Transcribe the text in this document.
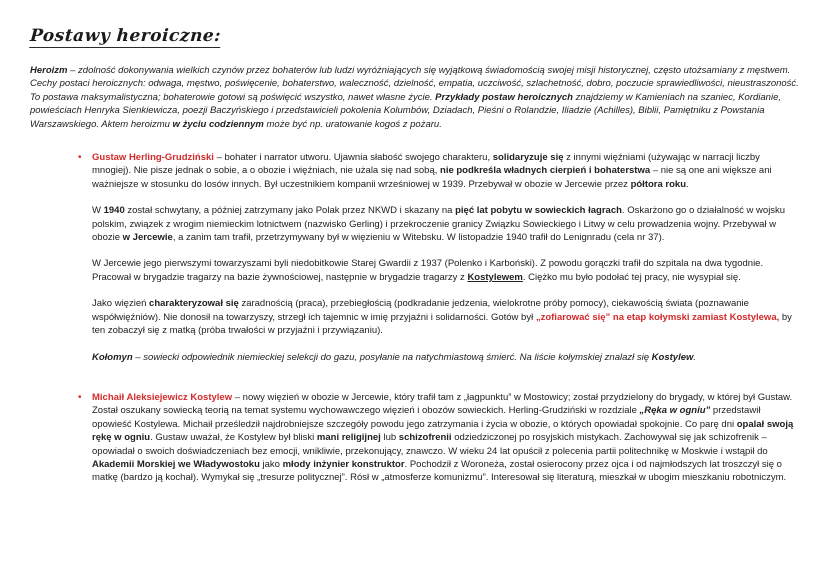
Postawy heroiczne:

Heroizm – zdolność dokonywania wielkich czynów przez bohaterów lub ludzi wyróżniających się wyjątkową świadomością swojej misji historycznej, często utożsamiany z męstwem. Cechy postaci heroicznych: odwaga, męstwo, poświęcenie, bohaterstwo, waleczność, dzielność, empatia, uczciwość, szlachetność, dobro, poczucie sprawiedliwości, nieustraszoność. To postawa maksymalistyczna; bohaterowie gotowi są poświęcić wszystko, nawet własne życie. Przykłady postaw heroicznych znajdziemy w Kamieniach na szaniec, Kordianie, powieściach Henryka Sienkiewicza, poezji Baczyńskiego i przedstawicieli pokolenia Kolumbów, Dziadach, Pieśni o Rolandzie, Iliadzie (Achilles), Biblii, Pamiętniku z Powstania Warszawskiego. Aktem heroizmu w życiu codziennym może być np. uratowanie kogoś z pożaru.

•	Gustaw Herling-Grudziński – bohater i narrator utworu. Ujawnia słabość swojego charakteru, solidaryzuje się z innymi więźniami (używając w narracji liczby mnogiej). Nie pisze jednak o sobie, a o obozie i więźniach, nie użala się nad sobą, nie podkreśla władnych cierpień i bohaterstwa – nie są one ani większe ani ważniejsze w stosunku do losów innych. Był uczestnikiem kompanii wrześniowej w 1939. Przebywał w obozie w Jercewie przez półtora roku.

W 1940 został schwytany, a później zatrzymany jako Polak przez NKWD i skazany na pięć lat pobytu w sowieckich łagrach. Oskarżono go o działalność w wojsku polskim, związek z wrogim niemieckim lotnictwem (nazwisko Gerling) i przekroczenie granicy Związku Sowieckiego i Litwy w celu prowadzenia wojny. Przebywał w obozie w Jercewie, a zanim tam trafił, przetrzymywany był w więzieniu w Witebsku. W listopadzie 1940 trafił do Lenignradu (cela nr 37).

W Jercewie jego pierwszymi towarzyszami byli niedobitkowie Starej Gwardii z 1937 (Polenko i Karboński). Z powodu gorączki trafił do szpitala na dwa tygodnie. Pracował w brygadzie tragarzy na bazie żywnościowej, następnie w brygadzie tragarzy z Kostylewem. Ciężko mu było podołać tej pracy, nie wysypiał się.

Jako więzień charakteryzował się zaradnością (praca), przebiegłością (podkradanie jedzenia, wielokrotne próby pomocy), ciekawością świata (poznawanie współwięźniów). Nie donosił na towarzyszy, strzegł ich tajemnic w imię przyjaźni i solidarności. Gotów był „zofiarować się” na etap kołymski zamiast Kostylewa, by ten zobaczył się z matką (próba trwałości w przyjaźni i przywiązaniu).

Kołomyn – sowiecki odpowiednik niemieckiej selekcji do gazu, posyłanie na natychmiastową śmierć. Na liście kołymskiej znalazł się Kostylew.

•	Michaił Aleksiejewicz Kostylew – nowy więzień w obozie w Jercewie, który trafił tam z „łagpunktu” w Mostowicy; został przydzielony do brygady, w której był Gustaw. Został oszukany sowiecką teorią na temat systemu wychowawczego więzień i obozów sowieckich. Herling-Grudziński w rozdziale „Ręka w ogniu” przedstawił opowieść Kostylewa. Michaił prześledził najdrobniejsze szczegóły powodu jego zatrzymania i życia w obozie, o których opowiadał spokojnie. Co parę dni opalał swoją rękę w ogniu. Gustaw uważał, że Kostylew był bliski mani religijnej lub schizofrenii odziedziczonej po rosyjskich mistykach. Zachowywał się jak schizofrenik – opowiadał o swoich doświadczeniach bez emocji, wnikliwie, przekonujący, znawczo. W wieku 24 lat opuścił z polecenia partii politechnikę w Moskwie i wstąpił do Akademii Morskiej we Władywostoku jako młody inżynier konstruktor. Pochodził z Woroneża, został osierocony przez ojca i od najmłodszych lat troszczył się o matkę (bardzo ją kochał). Wymykał się „tresurze politycznej”. Rósł w „atmosferze komunizmu”. Interesował się literaturą, mieszkał w ubogim mieszkaniu robotniczym.
